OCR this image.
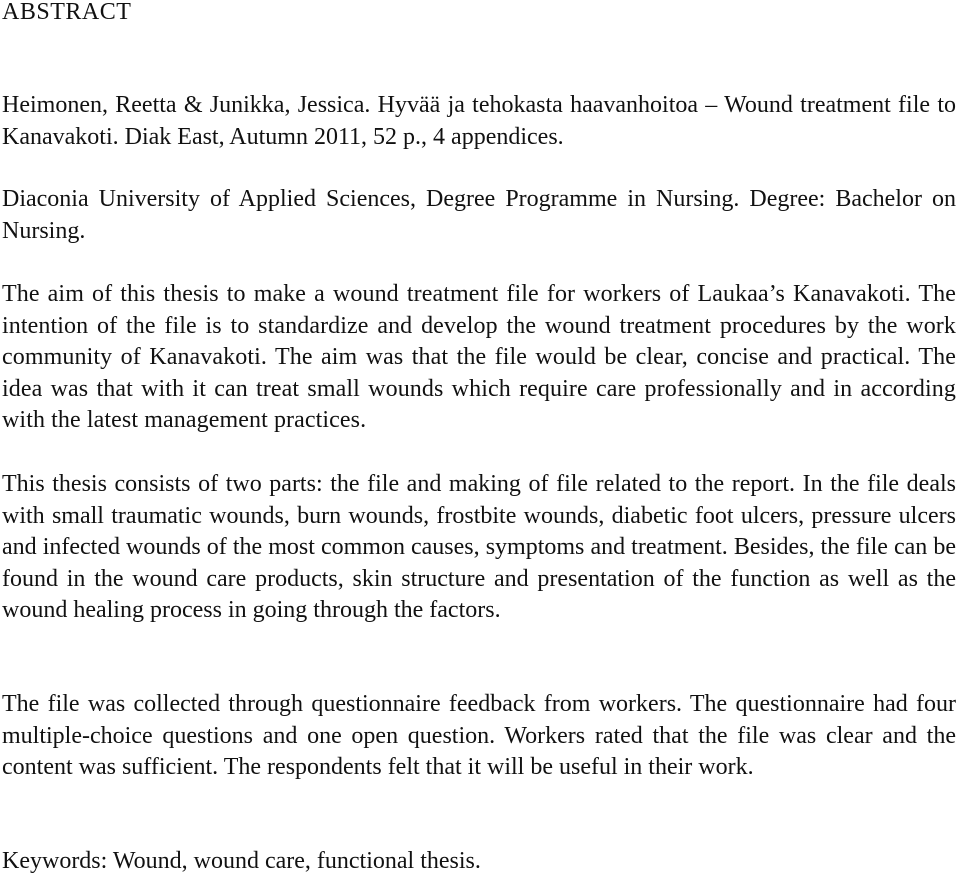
ABSTRACT

Heimonen, Reetta & Junikka, Jessica. Hyvää ja tehokasta haavanhoitoa – Wound treatment file to Kanavakoti. Diak East, Autumn 2011, 52 p., 4 appendices.

Diaconia University of Applied Sciences, Degree Programme in Nursing. Degree: Bachelor on Nursing.

The aim of this thesis to make a wound treatment file for workers of Laukaa’s Kanavakoti. The intention of the file is to standardize and develop the wound treatment procedures by the work community of Kanavakoti. The aim was that the file would be clear, concise and practical. The idea was that with it can treat small wounds which require care professionally and in according with the latest management practices.

This thesis consists of two parts: the file and making of file related to the report. In the file deals with small traumatic wounds, burn wounds, frostbite wounds, diabetic foot ulcers, pressure ulcers and infected wounds of the most common causes, symptoms and treatment. Besides, the file can be found in the wound care products, skin structure and presentation of the function as well as the wound healing process in going through the factors.

The file was collected through questionnaire feedback from workers. The questionnaire had four multiple-choice questions and one open question. Workers rated that the file was clear and the content was sufficient. The respondents felt that it will be useful in their work.

Keywords: Wound, wound care, functional thesis.
